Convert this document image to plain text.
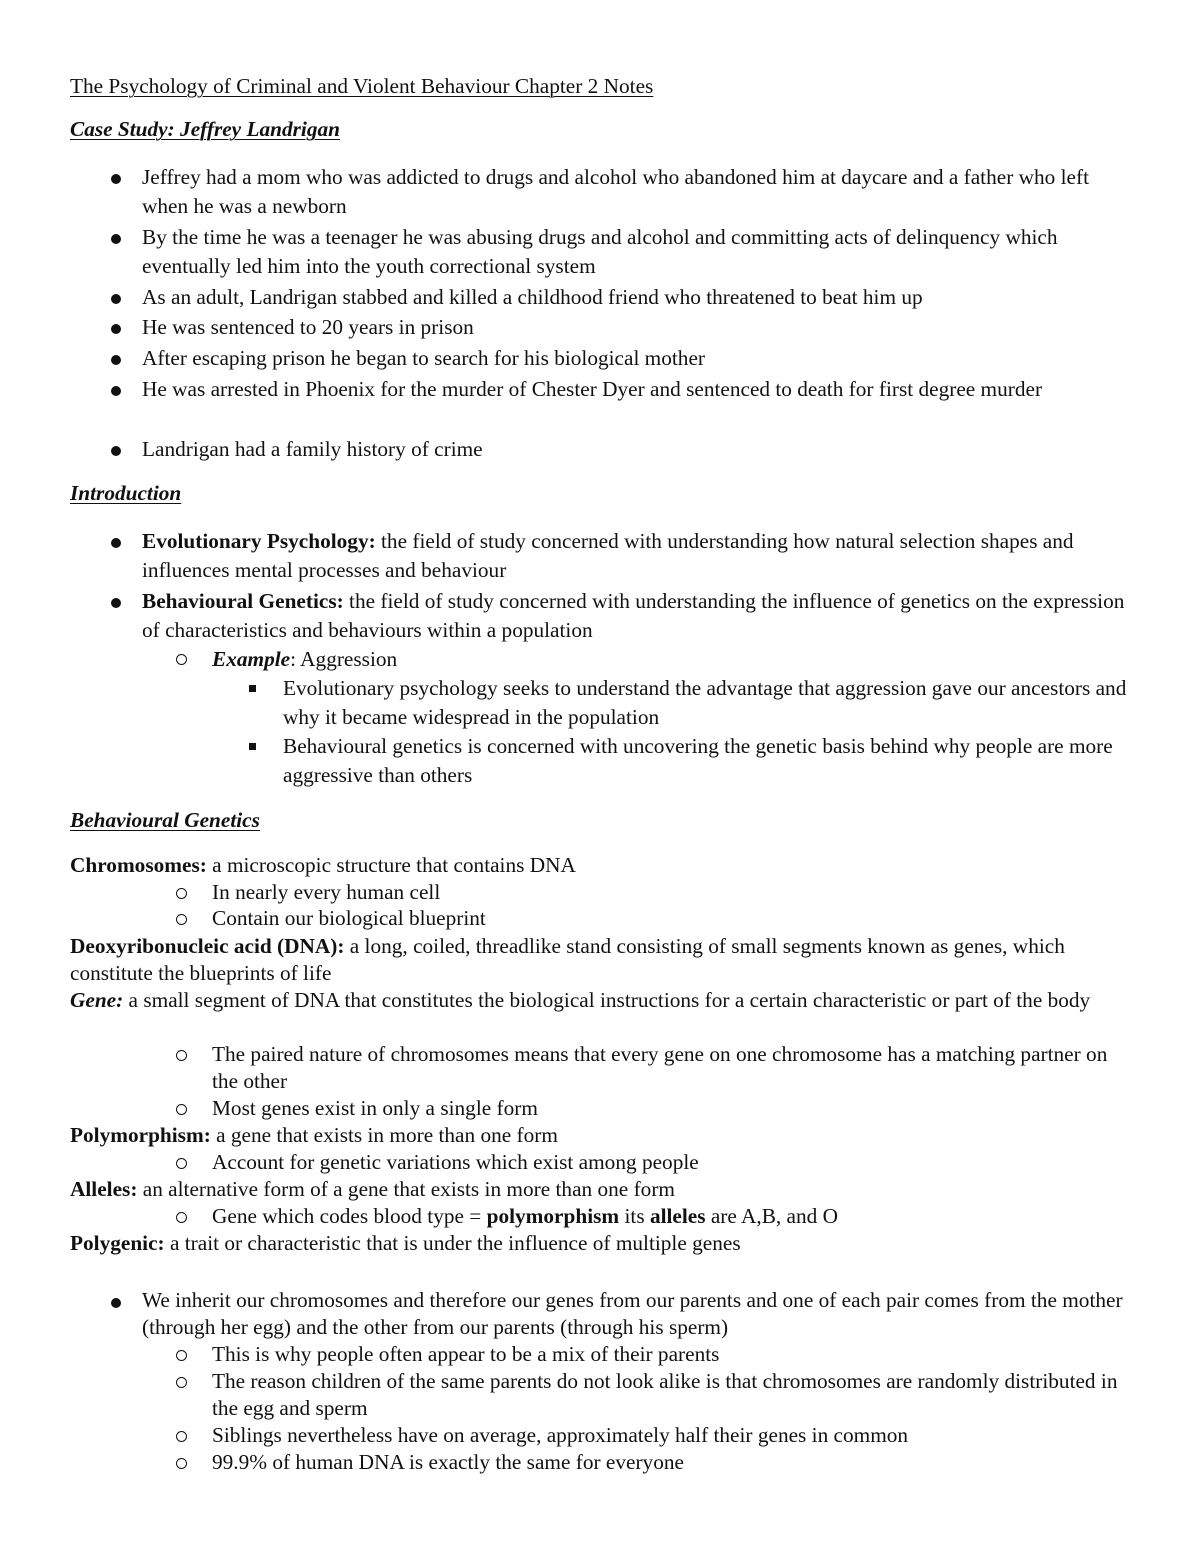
The Psychology of Criminal and Violent Behaviour Chapter 2 Notes
Case Study: Jeffrey Landrigan
Jeffrey had a mom who was addicted to drugs and alcohol who abandoned him at daycare and a father who left when he was a newborn
By the time he was a teenager he was abusing drugs and alcohol and committing acts of delinquency which eventually led him into the youth correctional system
As an adult, Landrigan stabbed and killed a childhood friend who threatened to beat him up
He was sentenced to 20 years in prison
After escaping prison he began to search for his biological mother
He was arrested in Phoenix for the murder of Chester Dyer and sentenced to death for first degree murder
Landrigan had a family history of crime
Introduction
Evolutionary Psychology: the field of study concerned with understanding how natural selection shapes and influences mental processes and behaviour
Behavioural Genetics: the field of study concerned with understanding the influence of genetics on the expression of characteristics and behaviours within a population
Example: Aggression
Evolutionary psychology seeks to understand the advantage that aggression gave our ancestors and why it became widespread in the population
Behavioural genetics is concerned with uncovering the genetic basis behind why people are more aggressive than others
Behavioural Genetics
Chromosomes: a microscopic structure that contains DNA
In nearly every human cell
Contain our biological blueprint
Deoxyribonucleic acid (DNA): a long, coiled, threadlike stand consisting of small segments known as genes, which constitute the blueprints of life
Gene: a small segment of DNA that constitutes the biological instructions for a certain characteristic or part of the body
The paired nature of chromosomes means that every gene on one chromosome has a matching partner on the other
Most genes exist in only a single form
Polymorphism: a gene that exists in more than one form
Account for genetic variations which exist among people
Alleles: an alternative form of a gene that exists in more than one form
Gene which codes blood type = polymorphism its alleles are A,B, and O
Polygenic: a trait or characteristic that is under the influence of multiple genes
We inherit our chromosomes and therefore our genes from our parents and one of each pair comes from the mother (through her egg) and the other from our parents (through his sperm)
This is why people often appear to be a mix of their parents
The reason children of the same parents do not look alike is that chromosomes are randomly distributed in the egg and sperm
Siblings nevertheless have on average, approximately half their genes in common
99.9% of human DNA is exactly the same for everyone
